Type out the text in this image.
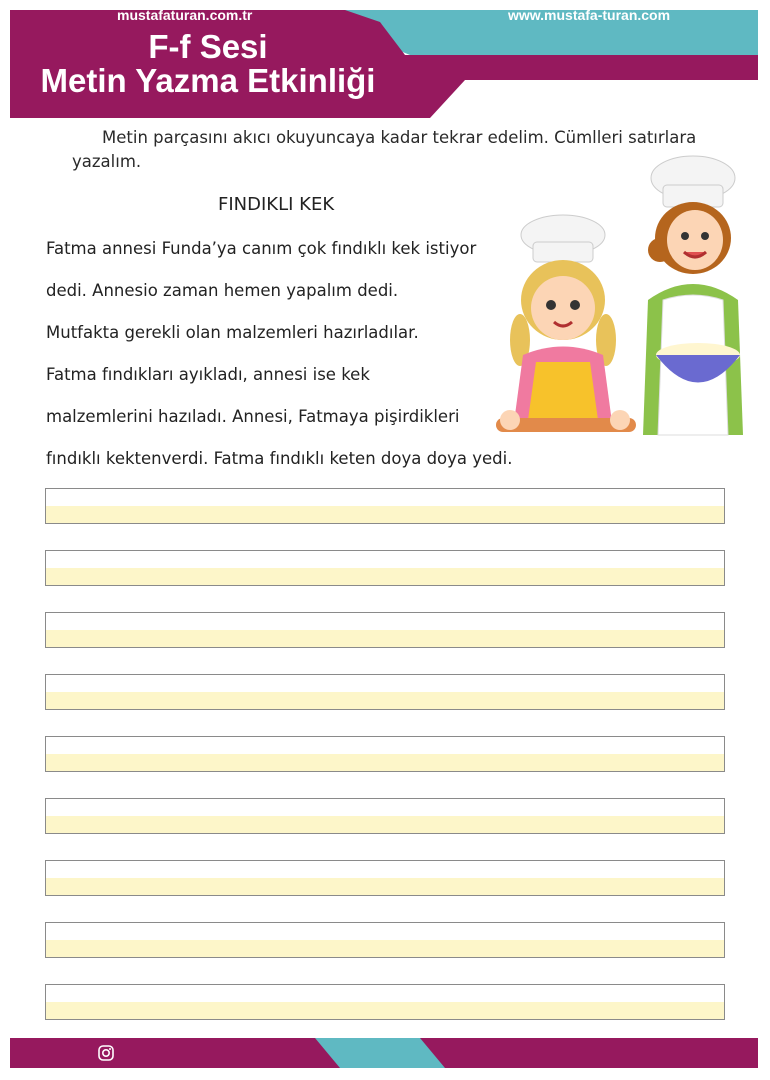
F-f Sesi
Metin Yazma Etkinliği
Metin parçasını akıcı okuyuncaya kadar tekrar edelim. Cümlleri satırlara yazalım.
FINDIKLI KEK
Fatma annesi Funda’ya canım çok fındıklı kek istiyor
dedi. Annesio zaman hemen yapalım dedi.
Mutfakta gerekli olan malzemleri hazırladılar.
Fatma fındıkları ayıkladı, annesi ise kek
malzemlerini hazıladı. Annesi, Fatmaya pişirdikleri
fındıklı kektenverdi. Fatma fındıklı keten doya doya yedi.
mustafaturan.com.tr	www.mustafa-turan.com
